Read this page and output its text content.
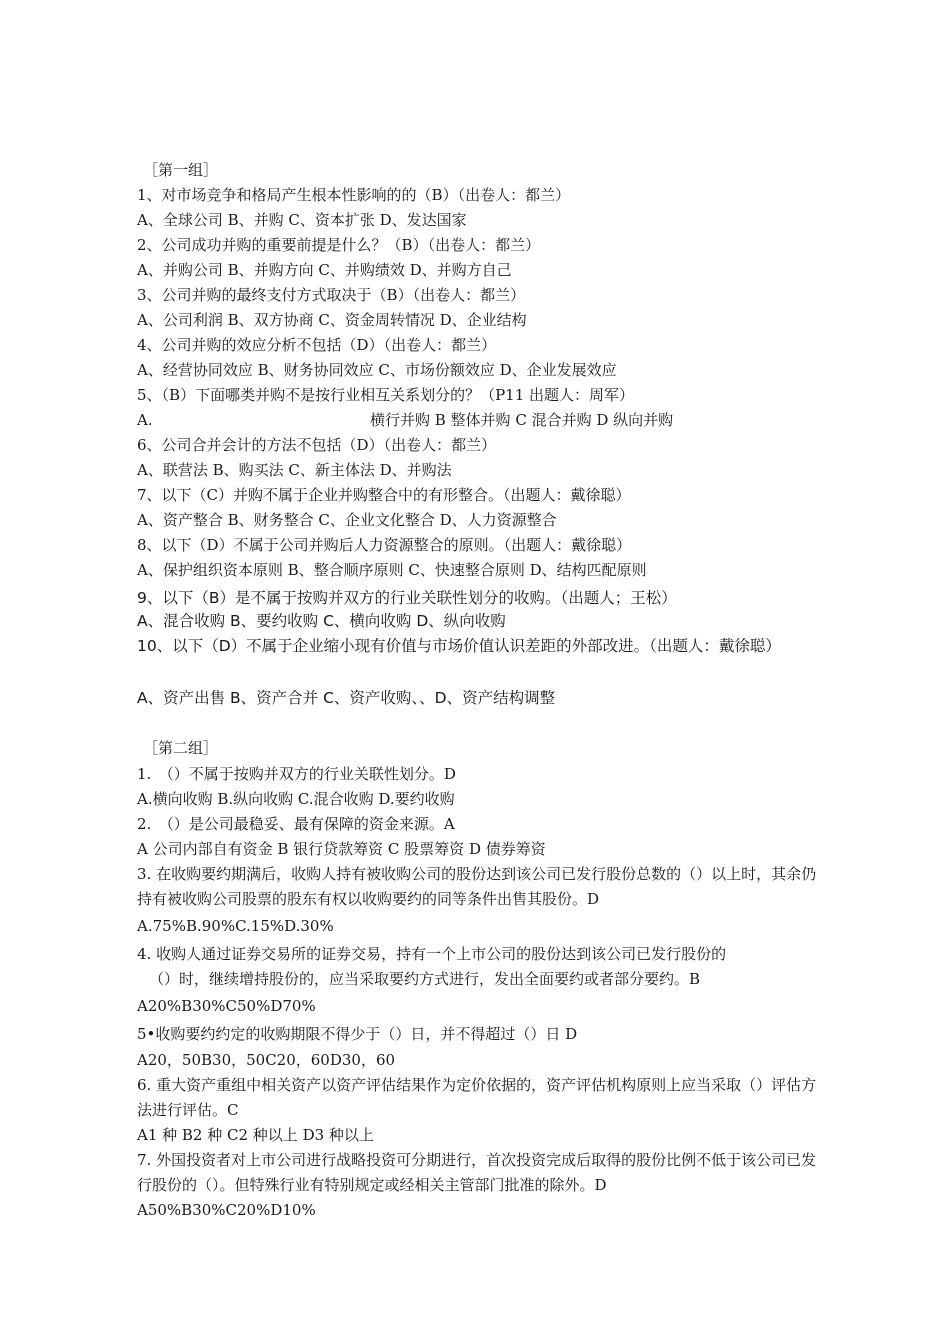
［第一组］
1、对市场竞争和格局产生根本性影响的的（B）（出卷人：都兰）
A、全球公司 B、并购 C、资本扩张 D、发达国家
2、公司成功并购的重要前提是什么？（B）（出卷人：都兰）
A、并购公司 B、并购方向 C、并购绩效 D、并购方自己
3、公司并购的最终支付方式取决于（B）（出卷人：都兰）
A、公司利润 B、双方协商 C、资金周转情况 D、企业结构
4、公司并购的效应分析不包括（D）（出卷人：都兰）
A、经营协同效应 B、财务协同效应 C、市场份额效应 D、企业发展效应
5、（B）下面哪类并购不是按行业相互关系划分的？（P11 出题人：周军）
A.	横行并购 B 整体并购 C 混合并购 D 纵向并购
6、公司合并会计的方法不包括（D）（出卷人：都兰）
A、联营法 B、购买法 C、新主体法 D、并购法
7、以下（C）并购不属于企业并购整合中的有形整合。（出题人：戴徐聪）
A、资产整合 B、财务整合 C、企业文化整合 D、人力资源整合
8、以下（D）不属于公司并购后人力资源整合的原则。（出题人：戴徐聪）
A、保护组织资本原则 B、整合顺序原则 C、快速整合原则 D、结构匹配原则
9、以下（B）是不属于按购并双方的行业关联性划分的收购。（出题人；王松）
A、混合收购 B、要约收购 C、横向收购 D、纵向收购
10、以下（D）不属于企业缩小现有价值与市场价值认识差距的外部改进。（出题人：戴徐聪）
A、资产出售 B、资产合并 C、资产收购、、D、资产结构调整
［第二组］
1.　（）不属于按购并双方的行业关联性划分。D
A.横向收购 B.纵向收购 C.混合收购 D.要约收购
2.　（）是公司最稳妥、最有保障的资金来源。A
A 公司内部自有资金 B 银行贷款筹资 C 股票筹资 D 债券筹资
3. 在收购要约期满后，收购人持有被收购公司的股份达到该公司已发行股份总数的（）以上时，其余仍持有被收购公司股票的股东有权以收购要约的同等条件出售其股份。D
A.75%B.90%C.15%D.30%
4. 收购人通过证券交易所的证券交易，持有一个上市公司的股份达到该公司已发行股份的
（）时，继续增持股份的，应当采取要约方式进行，发出全面要约或者部分要约。B
A20%B30%C50%D70%
5•收购要约约定的收购期限不得少于（）日，并不得超过（）日 D
A20，50B30，50C20，60D30，60
6. 重大资产重组中相关资产以资产评估结果作为定价依据的，资产评估机构原则上应当采取（）评估方法进行评估。C
A1 种 B2 种 C2 种以上 D3 种以上
7. 外国投资者对上市公司进行战略投资可分期进行，首次投资完成后取得的股份比例不低于该公司已发行股份的（）。但特殊行业有特别规定或经相关主管部门批准的除外。D
A50%B30%C20%D10%
